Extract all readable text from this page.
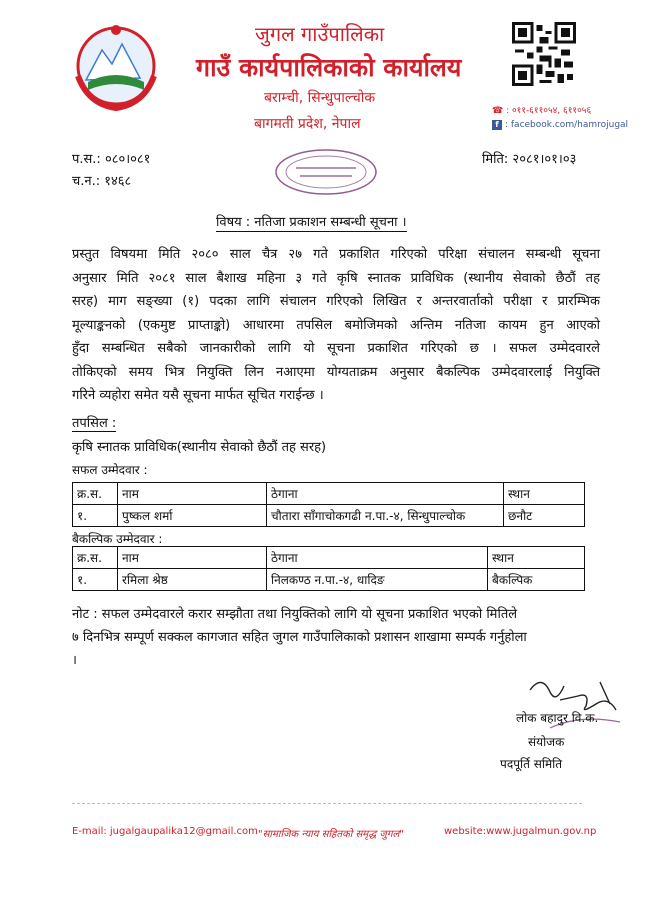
जुगल गाउँपालिका
गाउँ कार्यपालिकाको कार्यालय
बराम्ची, सिन्धुपाल्चोक
बागमती प्रदेश, नेपाल
☎ : ०११-६११०५४, ६११०५६
f : facebook.com/hamrojugal
प.स.: ०८०।०८१
च.न.: १४६८
मिति: २०८१।०१।०३
विषय : नतिजा प्रकाशन सम्बन्धी सूचना ।

प्रस्तुत विषयमा मिति २०८० साल चैत्र २७ गते प्रकाशित गरिएको परिक्षा संचालन सम्बन्धी सूचना

अनुसार मिति २०८१ साल बैशाख महिना ३ गते कृषि स्नातक प्राविधिक (स्थानीय सेवाको छैठौं तह

सरह) माग सङ्ख्या (१) पदका लागि संचालन गरिएको लिखित र अन्तरवार्ताको परीक्षा र प्रारम्भिक

मूल्याङ्कनको (एकमुष्ट प्राप्ताङ्को) आधारमा तपसिल बमोजिमको अन्तिम नतिजा कायम हुन आएको

हुँदा सम्बन्धित सबैको जानकारीको लागि यो सूचना प्रकाशित गरिएको छ । सफल उम्मेदवारले

तोकिएको समय भित्र नियुक्ति लिन नआएमा योग्यताक्रम अनुसार बैकल्पिक उम्मेदवारलाई नियुक्ति

गरिने व्यहोरा समेत यसै सूचना मार्फत सूचित गराईन्छ ।

तपसिल :
कृषि स्नातक प्राविधिक(स्थानीय सेवाको छैठौं तह सरह)
सफल उम्मेदवार :
क्र.स.	नाम	ठेगाना	स्थान
१.	पुष्कल शर्मा	चौतारा साँगाचोकगढी न.पा.-४, सिन्धुपाल्चोक	छनौट
बैकल्पिक उम्मेदवार :
क्र.स.	नाम	ठेगाना	स्थान
१.	रमिला श्रेष्ठ	निलकण्ठ न.पा.-४, धादिङ	बैकल्पिक

नोट : सफल उम्मेदवारले करार सम्झौता तथा नियुक्तिको लागि यो सूचना प्रकाशित भएको मितिले

७ दिनभित्र सम्पूर्ण सक्कल कागजात सहित जुगल गाउँपालिकाको प्रशासन शाखामा सम्पर्क गर्नुहोला

।

लोक बहादुर वि.क.
संयोजक
पदपूर्ति समिति
E-mail: jugalgaupalika12@gmail.com "सामाजिक न्याय सहितको समृद्ध जुगल"	website:www.jugalmun.gov.np
